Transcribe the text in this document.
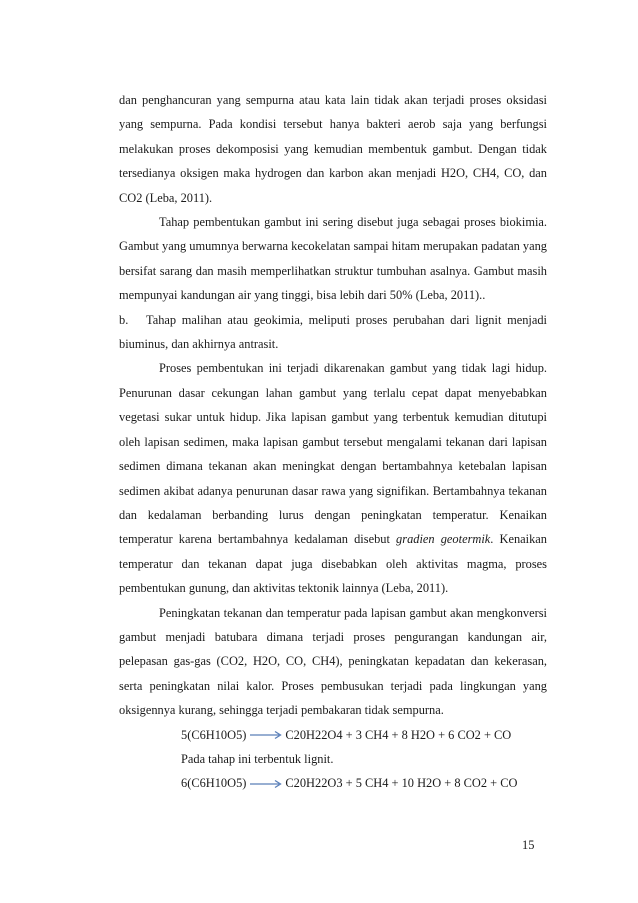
dan penghancuran yang sempurna atau kata lain tidak akan terjadi proses oksidasi yang sempurna. Pada kondisi tersebut hanya bakteri aerob saja yang berfungsi melakukan proses dekomposisi yang kemudian membentuk gambut. Dengan tidak tersedianya oksigen maka hydrogen dan karbon akan menjadi H2O, CH4, CO, dan CO2 (Leba, 2011).

Tahap pembentukan gambut ini sering disebut juga sebagai proses biokimia. Gambut yang umumnya berwarna kecokelatan sampai hitam merupakan padatan yang bersifat sarang dan masih memperlihatkan struktur tumbuhan asalnya. Gambut masih mempunyai kandungan air yang tinggi, bisa lebih dari 50% (Leba, 2011)..

b. Tahap malihan atau geokimia, meliputi proses perubahan dari lignit menjadi biuminus, dan akhirnya antrasit.

Proses pembentukan ini terjadi dikarenakan gambut yang tidak lagi hidup. Penurunan dasar cekungan lahan gambut yang terlalu cepat dapat menyebabkan vegetasi sukar untuk hidup. Jika lapisan gambut yang terbentuk kemudian ditutupi oleh lapisan sedimen, maka lapisan gambut tersebut mengalami tekanan dari lapisan sedimen dimana tekanan akan meningkat dengan bertambahnya ketebalan lapisan sedimen akibat adanya penurunan dasar rawa yang signifikan. Bertambahnya tekanan dan kedalaman berbanding lurus dengan peningkatan temperatur. Kenaikan temperatur karena bertambahnya kedalaman disebut gradien geotermik. Kenaikan temperatur dan tekanan dapat juga disebabkan oleh aktivitas magma, proses pembentukan gunung, dan aktivitas tektonik lainnya (Leba, 2011).

Peningkatan tekanan dan temperatur pada lapisan gambut akan mengkonversi gambut menjadi batubara dimana terjadi proses pengurangan kandungan air, pelepasan gas-gas (CO2, H2O, CO, CH4), peningkatan kepadatan dan kekerasan, serta peningkatan nilai kalor. Proses pembusukan terjadi pada lingkungan yang oksigennya kurang, sehingga terjadi pembakaran tidak sempurna.

5(C6H10O5)	C20H22O4 + 3 CH4 + 8 H2O + 6 CO2 + CO
Pada tahap ini terbentuk lignit.
6(C6H10O5)	C20H22O3 + 5 CH4 + 10 H2O + 8 CO2 + CO
15
